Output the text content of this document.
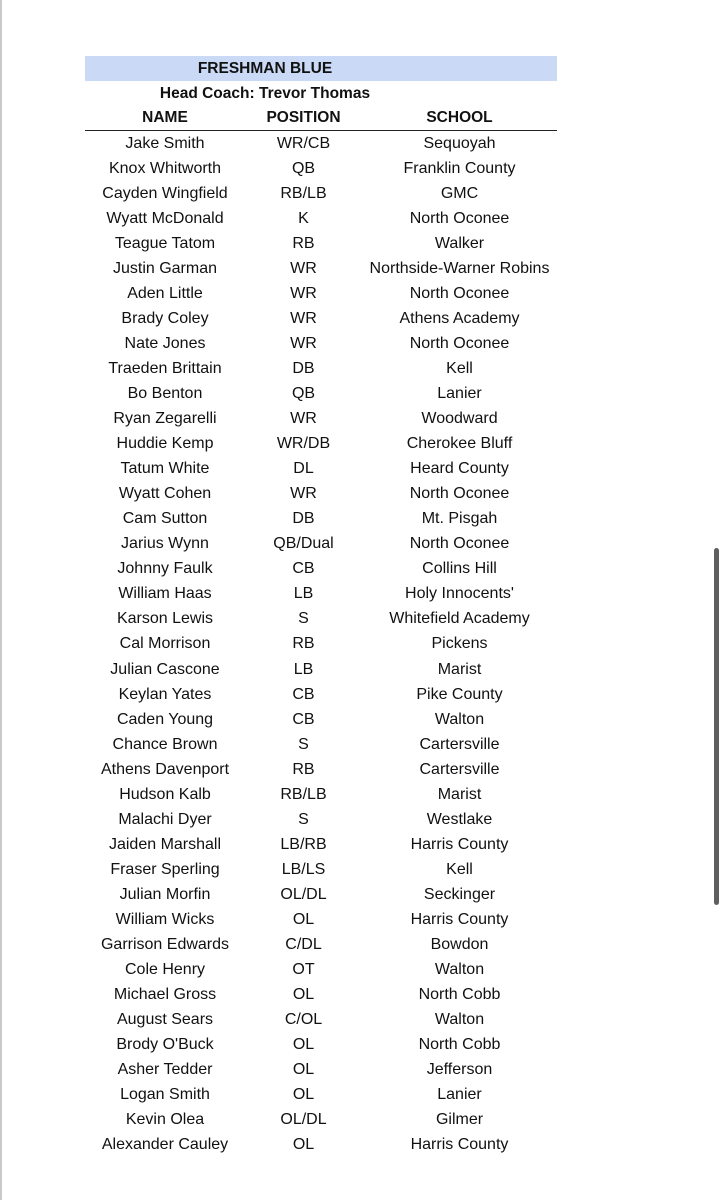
FRESHMAN BLUE
Head Coach: Trevor Thomas
NAME	POSITION	SCHOOL
Jake Smith	WR/CB	Sequoyah
Knox Whitworth	QB	Franklin County
Cayden Wingfield	RB/LB	GMC
Wyatt McDonald	K	North Oconee
Teague Tatom	RB	Walker
Justin Garman	WR	Northside-Warner Robins
Aden Little	WR	North Oconee
Brady Coley	WR	Athens Academy
Nate Jones	WR	North Oconee
Traeden Brittain	DB	Kell
Bo Benton	QB	Lanier
Ryan Zegarelli	WR	Woodward
Huddie Kemp	WR/DB	Cherokee Bluff
Tatum White	DL	Heard County
Wyatt Cohen	WR	North Oconee
Cam Sutton	DB	Mt. Pisgah
Jarius Wynn	QB/Dual	North Oconee
Johnny Faulk	CB	Collins Hill
William Haas	LB	Holy Innocents'
Karson Lewis	S	Whitefield Academy
Cal Morrison	RB	Pickens
Julian Cascone	LB	Marist
Keylan Yates	CB	Pike County
Caden Young	CB	Walton
Chance Brown	S	Cartersville
Athens Davenport	RB	Cartersville
Hudson Kalb	RB/LB	Marist
Malachi Dyer	S	Westlake
Jaiden Marshall	LB/RB	Harris County
Fraser Sperling	LB/LS	Kell
Julian Morfin	OL/DL	Seckinger
William Wicks	OL	Harris County
Garrison Edwards	C/DL	Bowdon
Cole Henry	OT	Walton
Michael Gross	OL	North Cobb
August Sears	C/OL	Walton
Brody O'Buck	OL	North Cobb
Asher Tedder	OL	Jefferson
Logan Smith	OL	Lanier
Kevin Olea	OL/DL	Gilmer
Alexander Cauley	OL	Harris County
